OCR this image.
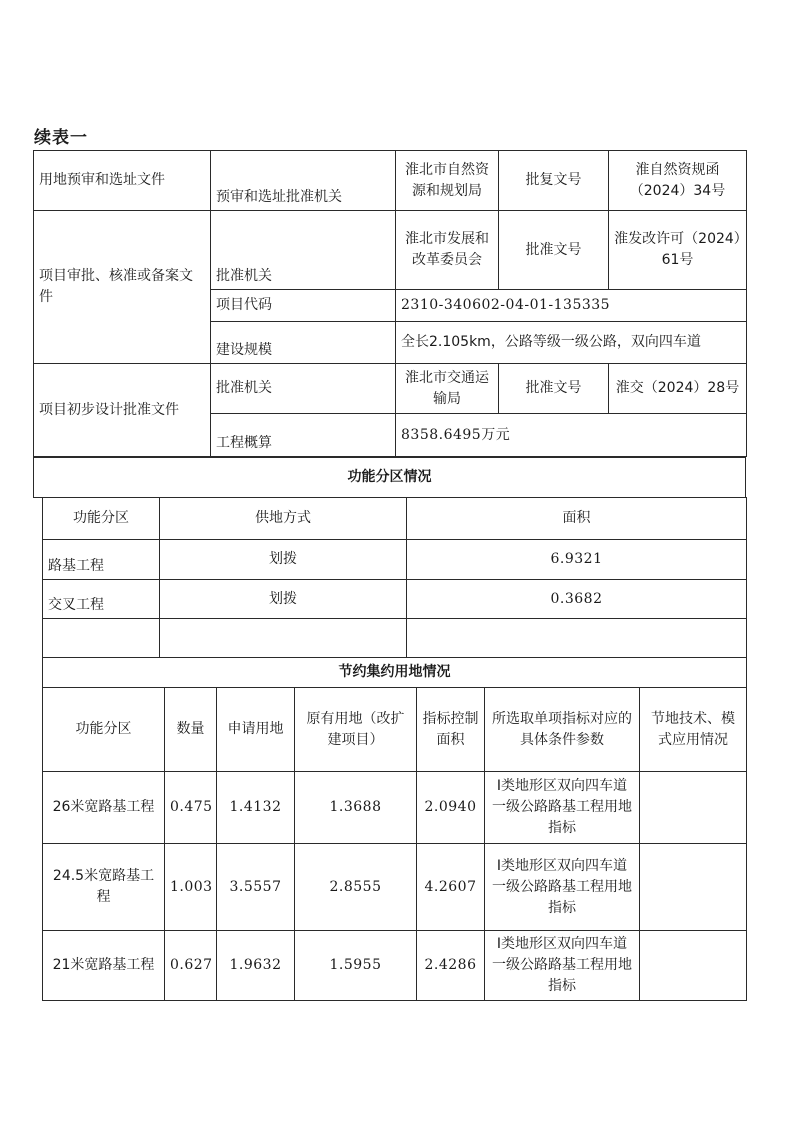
续表一
用地预审和选址文件	预审和选址批准机关	淮北市自然资源和规划局	批复文号	淮自然资规函（2024）34号
项目审批、核准或备案文件	批准机关	淮北市发展和改革委员会	批准文号	淮发改许可（2024）61号
	项目代码	2310-340602-04-01-135335		
	建设规模	全长2.105km，公路等级一级公路，双向四车道		
项目初步设计批准文件	批准机关	淮北市交通运输局	批准文号	淮交（2024）28号
	工程概算	8358.6495万元		
功能分区情况
功能分区	供地方式	面积
路基工程	划拨	6.9321
交叉工程	划拨	0.3682

节约集约用地情况						
功能分区	数量	申请用地	原有用地（改扩建项目）	指标控制面积	所选取单项指标对应的具体条件参数	节地技术、模式应用情况
26米宽路基工程	0.475	1.4132	1.3688	2.0940	Ⅰ类地形区双向四车道一级公路路基工程用地指标	
24.5米宽路基工程	1.003	3.5557	2.8555	4.2607	Ⅰ类地形区双向四车道一级公路路基工程用地指标	
21米宽路基工程	0.627	1.9632	1.5955	2.4286	Ⅰ类地形区双向四车道一级公路路基工程用地指标	
